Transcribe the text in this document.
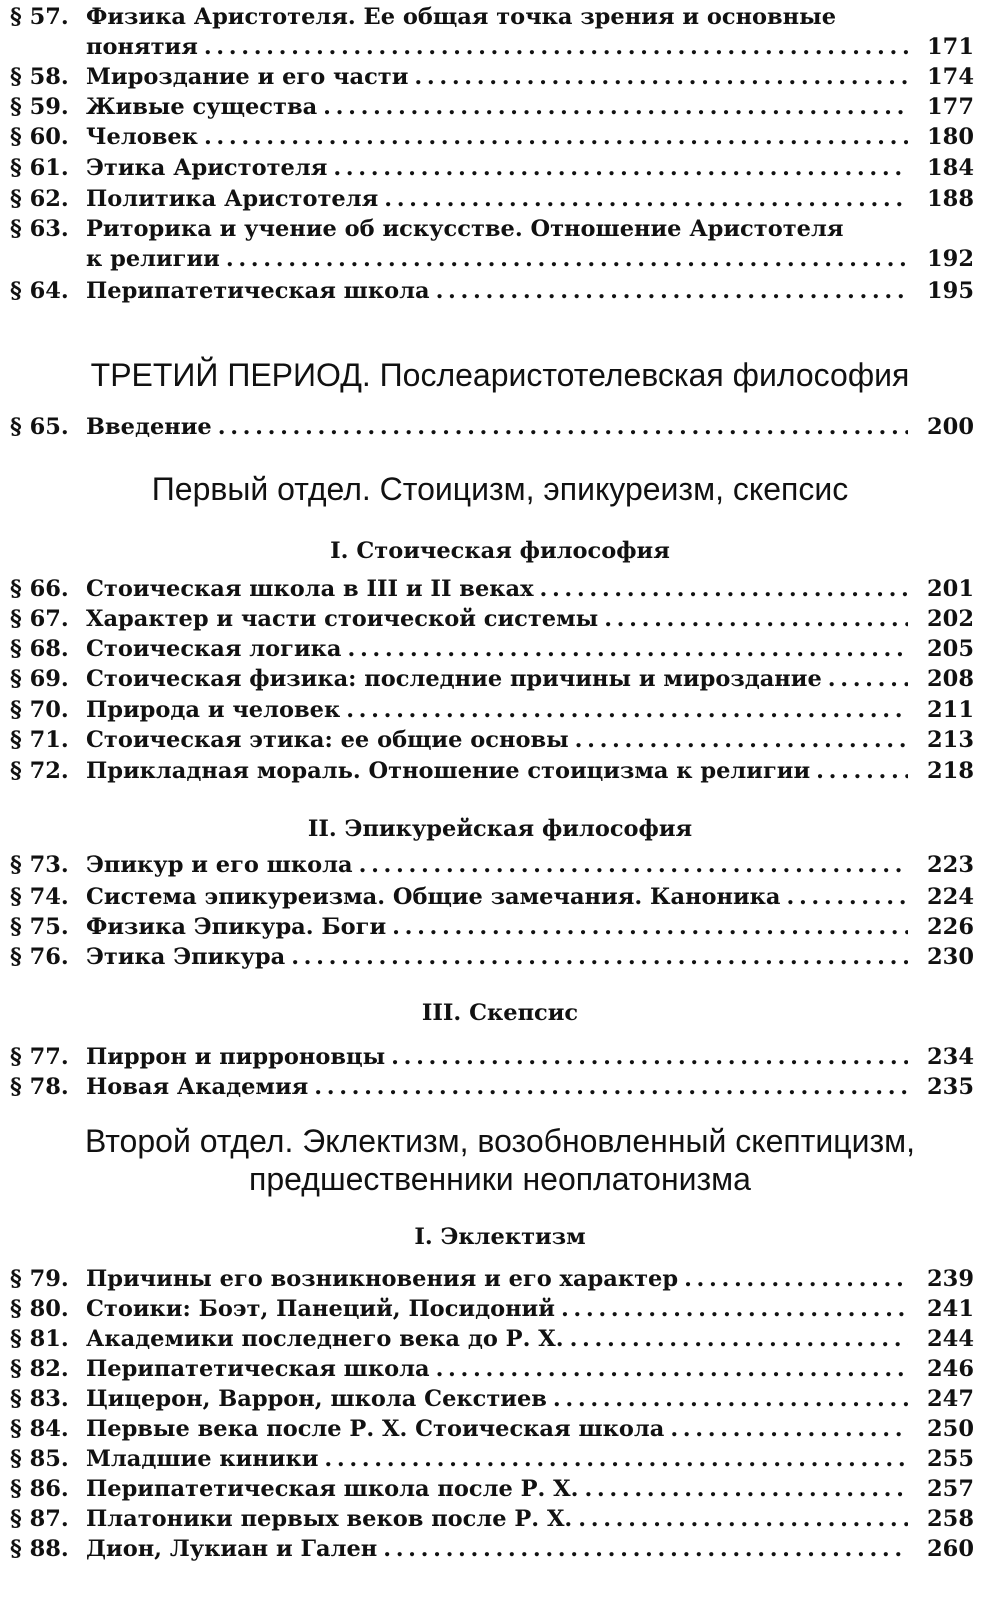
§ 57. Физика Аристотеля. Ее общая точка зрения и основные
понятия . . .	171
§ 58. Мироздание и его части . . .	174
§ 59. Живые существа . . .	177
§ 60. Человек . . .	180
§ 61. Этика Аристотеля . . .	184
§ 62. Политика Аристотеля . . .	188
§ 63. Риторика и учение об искусстве. Отношение Аристотеля
к религии . . .	192
§ 64. Перипатетическая школа . . .	195
ТРЕТИЙ ПЕРИОД. Послеаристотелевская философия
§ 65. Введение . . .	200
Первый отдел. Стоицизм, эпикуреизм, скепсис
I. Стоическая философия
§ 66. Стоическая школа в III и II веках . . .	201
§ 67. Характер и части стоической системы . . .	202
§ 68. Стоическая логика . . .	205
§ 69. Стоическая физика: последние причины и мироздание . . .	208
§ 70. Природа и человек . . .	211
§ 71. Стоическая этика: ее общие основы . . .	213
§ 72. Прикладная мораль. Отношение стоицизма к религии . . .	218
II. Эпикурейская философия
§ 73. Эпикур и его школа . . .	223
§ 74. Система эпикуреизма. Общие замечания. Каноника . . .	224
§ 75. Физика Эпикура. Боги . . .	226
§ 76. Этика Эпикура . . .	230
III. Скепсис
§ 77. Пиррон и пирроновцы . . .	234
§ 78. Новая Академия . . .	235
Второй отдел. Эклектизм, возобновленный скептицизм,
предшественники неоплатонизма
I. Эклектизм
§ 79. Причины его возникновения и его характер . . .	239
§ 80. Стоики: Боэт, Панеций, Посидоний . . .	241
§ 81. Академики последнего века до Р. Х. . . .	244
§ 82. Перипатетическая школа . . .	246
§ 83. Цицерон, Варрон, школа Секстиев . . .	247
§ 84. Первые века после Р. Х. Стоическая школа . . .	250
§ 85. Младшие киники . . .	255
§ 86. Перипатетическая школа после Р. Х. . . .	257
§ 87. Платоники первых веков после Р. Х. . . .	258
§ 88. Дион, Лукиан и Гален . . .	260
